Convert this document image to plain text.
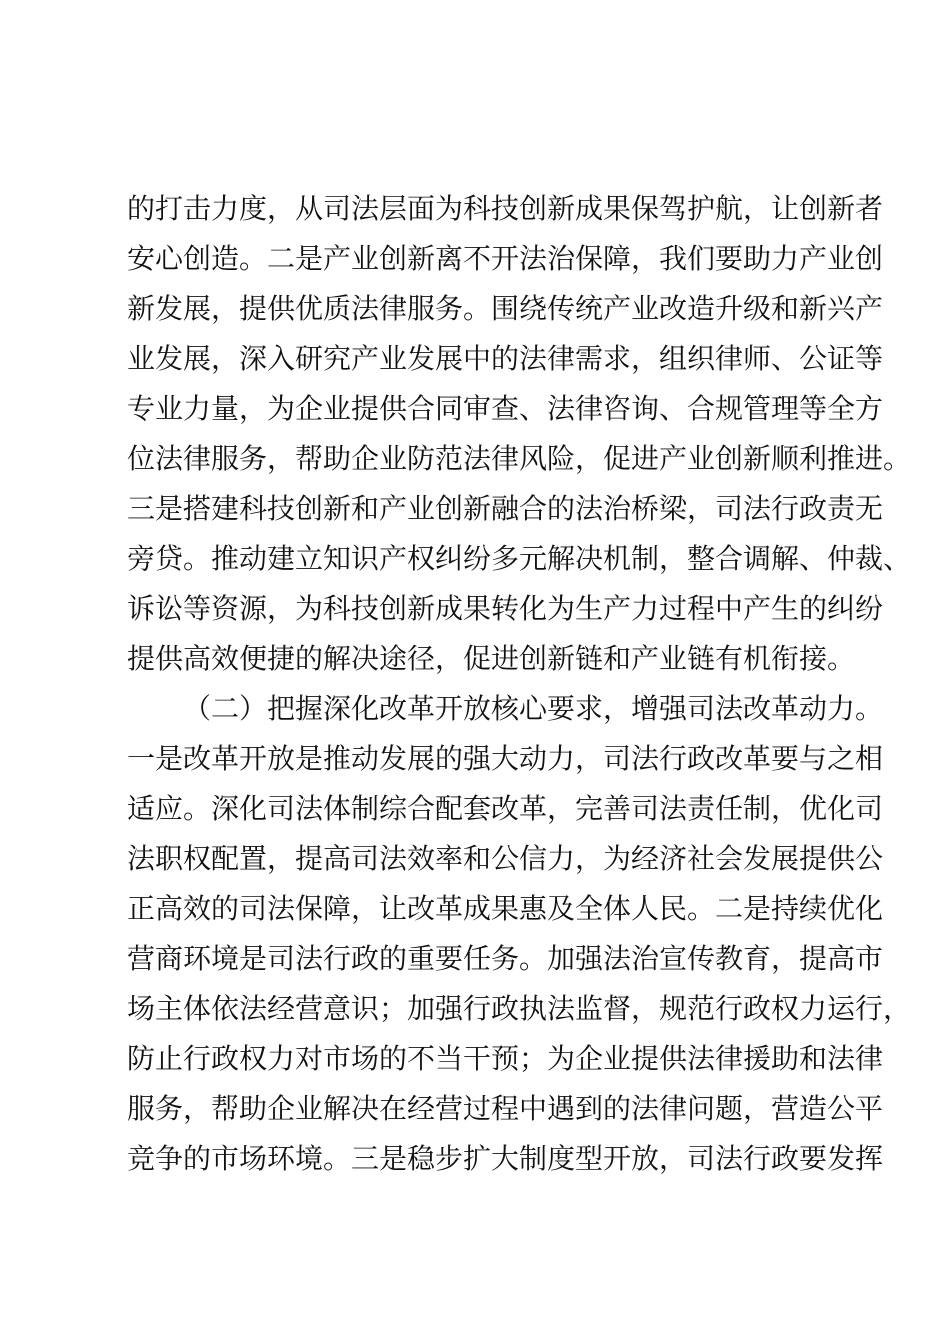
的打击力度，从司法层面为科技创新成果保驾护航，让创新者
安心创造。二是产业创新离不开法治保障，我们要助力产业创
新发展，提供优质法律服务。围绕传统产业改造升级和新兴产
业发展，深入研究产业发展中的法律需求，组织律师、公证等
专业力量，为企业提供合同审查、法律咨询、合规管理等全方
位法律服务，帮助企业防范法律风险，促进产业创新顺利推进。
三是搭建科技创新和产业创新融合的法治桥梁，司法行政责无
旁贷。推动建立知识产权纠纷多元解决机制，整合调解、仲裁、
诉讼等资源，为科技创新成果转化为生产力过程中产生的纠纷
提供高效便捷的解决途径，促进创新链和产业链有机衔接。
（二）把握深化改革开放核心要求，增强司法改革动力。
一是改革开放是推动发展的强大动力，司法行政改革要与之相
适应。深化司法体制综合配套改革，完善司法责任制，优化司
法职权配置，提高司法效率和公信力，为经济社会发展提供公
正高效的司法保障，让改革成果惠及全体人民。二是持续优化
营商环境是司法行政的重要任务。加强法治宣传教育，提高市
场主体依法经营意识；加强行政执法监督，规范行政权力运行，
防止行政权力对市场的不当干预；为企业提供法律援助和法律
服务，帮助企业解决在经营过程中遇到的法律问题，营造公平
竞争的市场环境。三是稳步扩大制度型开放，司法行政要发挥
